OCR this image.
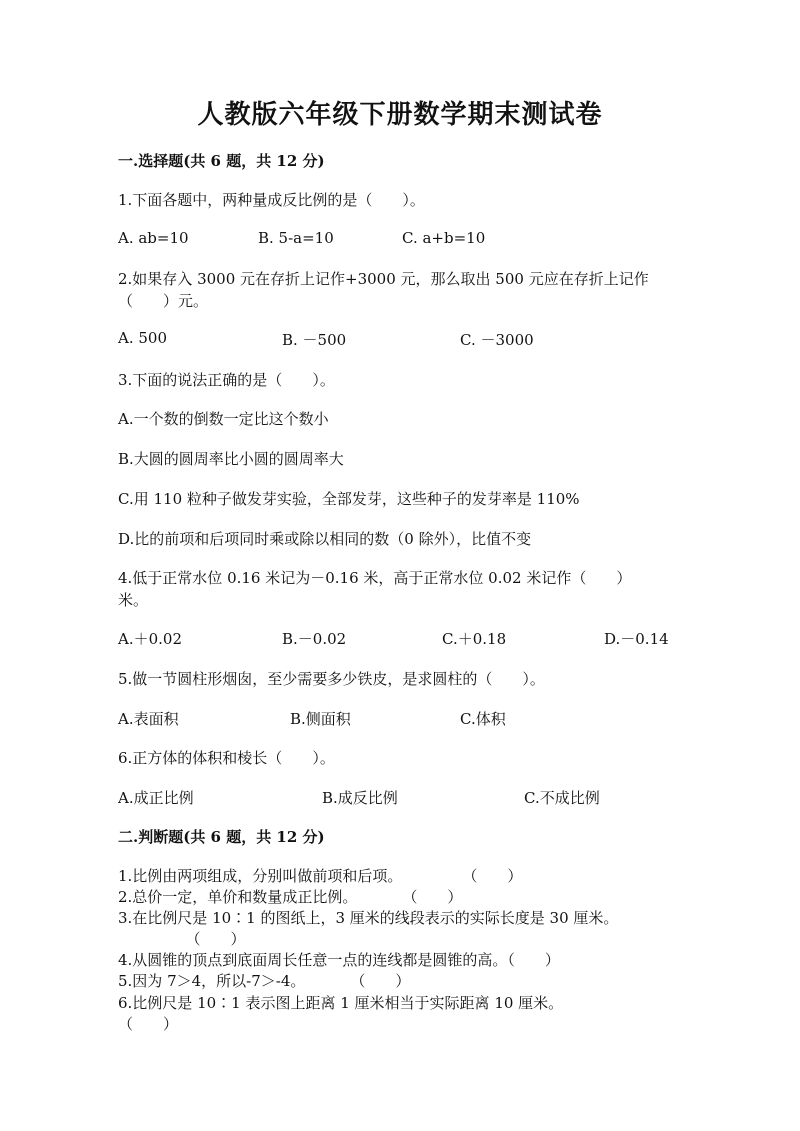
人教版六年级下册数学期末测试卷
一.选择题(共 6 题，共 12 分)
1.下面各题中，两种量成反比例的是（　　）。
A. ab=10	B. 5-a=10	C. a+b=10
2.如果存入 3000 元在存折上记作+3000 元，那么取出 500 元应在存折上记作
（　　）元。
A. 500	B. －500	C. －3000
3.下面的说法正确的是（　　）。
A.一个数的倒数一定比这个数小
B.大圆的圆周率比小圆的圆周率大
C.用 110 粒种子做发芽实验，全部发芽，这些种子的发芽率是 110%
D.比的前项和后项同时乘或除以相同的数（0 除外），比值不变
4.低于正常水位 0.16 米记为－0.16 米，高于正常水位 0.02 米记作（　　）
米。
A.＋0.02	B.－0.02	C.＋0.18	D.－0.14
5.做一节圆柱形烟囱，至少需要多少铁皮，是求圆柱的（　　）。
A.表面积	B.侧面积	C.体积
6.正方体的体积和棱长（　　）。
A.成正比例	B.成反比例	C.不成比例
二.判断题(共 6 题，共 12 分)
1.比例由两项组成，分别叫做前项和后项。　　　　　（　　）
2.总价一定，单价和数量成正比例。　　　　（　　）
3.在比例尺是 10∶1 的图纸上，3 厘米的线段表示的实际长度是 30 厘米。
　　　　　（　　）
4.从圆锥的顶点到底面周长任意一点的连线都是圆锥的高。（　　）
5.因为 7＞4，所以-7＞-4。　　　　（　　）
6.比例尺是 10∶1 表示图上距离 1 厘米相当于实际距离 10 厘米。
（　　）
